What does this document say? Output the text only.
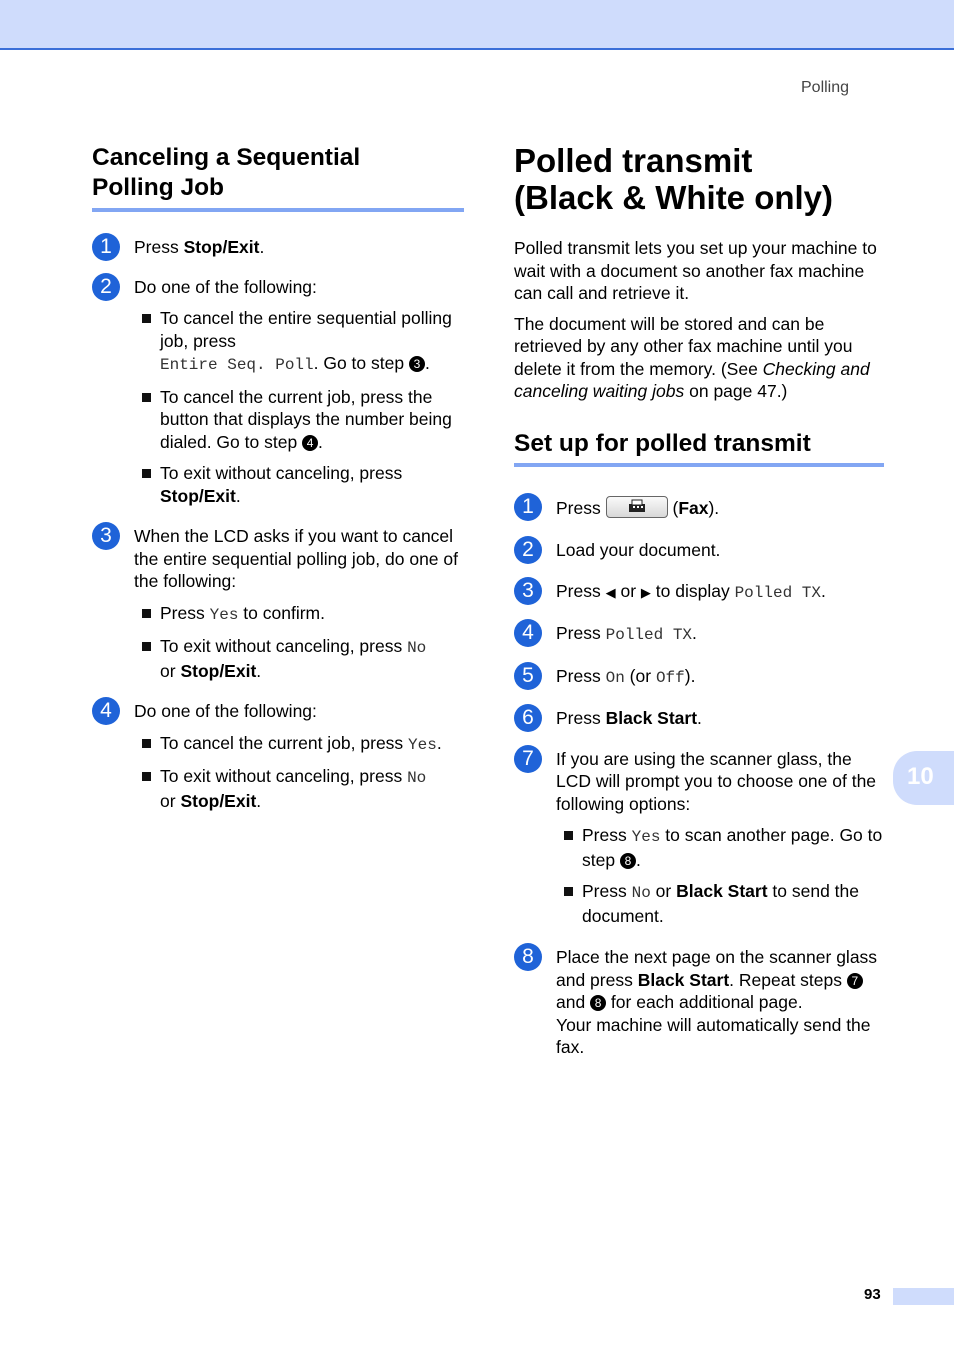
Polling
10
93
Canceling a Sequential
Polling Job
1	Press Stop/Exit.

2	Do one of the following:

To cancel the entire sequential polling job, press
Entire Seq. Poll. Go to step 3 .
To cancel the current job, press the button that displays the number being dialed. Go to step 4 .
To exit without canceling, press
Stop/Exit.
3	When the LCD asks if you want to cancel the entire sequential polling job, do one of the following:

Press Yes to confirm.
To exit without canceling, press No
or Stop/Exit.
4	Do one of the following:

To cancel the current job, press Yes.
To exit without canceling, press No
or Stop/Exit.
Polled transmit
(Black & White only)

Polled transmit lets you set up your machine to wait with a document so another fax machine can call and retrieve it.

The document will be stored and can be retrieved by any other fax machine until you delete it from the memory. (See Checking and canceling waiting jobs on page 47.)

Set up for polled transmit
1	Press	(Fax).

2	Load your document.

3	Press ◀ or ▶ to display Polled TX.

4	Press Polled TX.

5	Press On (or Off).

6	Press Black Start.

7	If you are using the scanner glass, the LCD will prompt you to choose one of the following options:

Press Yes to scan another page. Go to step 8 .
Press No or Black Start to send the document.
8	Place the next page on the scanner glass and press Black Start. Repeat steps 7 and 8 for each additional page.

Your machine will automatically send the fax.
